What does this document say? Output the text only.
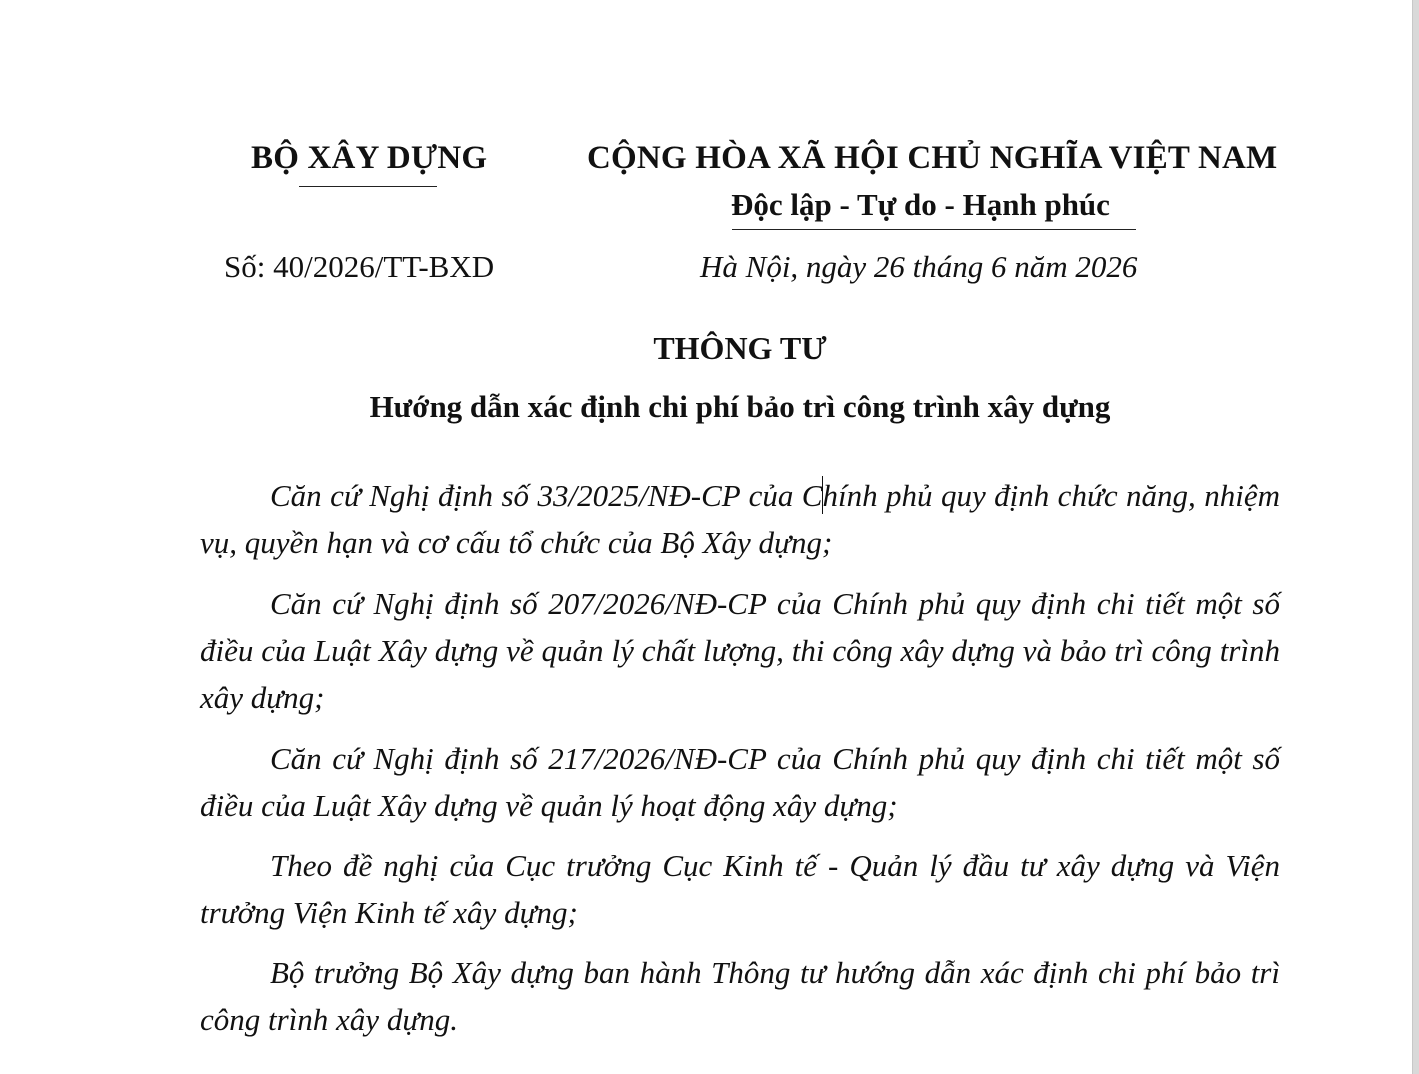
BỘ XÂY DỰNG	CỘNG HÒA XÃ HỘI CHỦ NGHĨA VIỆT NAM
Độc lập - Tự do - Hạnh phúc
Số: 40/2026/TT-BXD	Hà Nội, ngày 26 tháng 6 năm 2026
THÔNG TƯ
Hướng dẫn xác định chi phí bảo trì công trình xây dựng

Căn cứ Nghị định số 33/2025/NĐ-CP của Chính phủ quy định chức năng, nhiệm vụ, quyền hạn và cơ cấu tổ chức của Bộ Xây dựng;

Căn cứ Nghị định số 207/2026/NĐ-CP của Chính phủ quy định chi tiết một số điều của Luật Xây dựng về quản lý chất lượng, thi công xây dựng và bảo trì công trình xây dựng;

Căn cứ Nghị định số 217/2026/NĐ-CP của Chính phủ quy định chi tiết một số điều của Luật Xây dựng về quản lý hoạt động xây dựng;

Theo đề nghị của Cục trưởng Cục Kinh tế - Quản lý đầu tư xây dựng và Viện trưởng Viện Kinh tế xây dựng;

Bộ trưởng Bộ Xây dựng ban hành Thông tư hướng dẫn xác định chi phí bảo trì công trình xây dựng.
